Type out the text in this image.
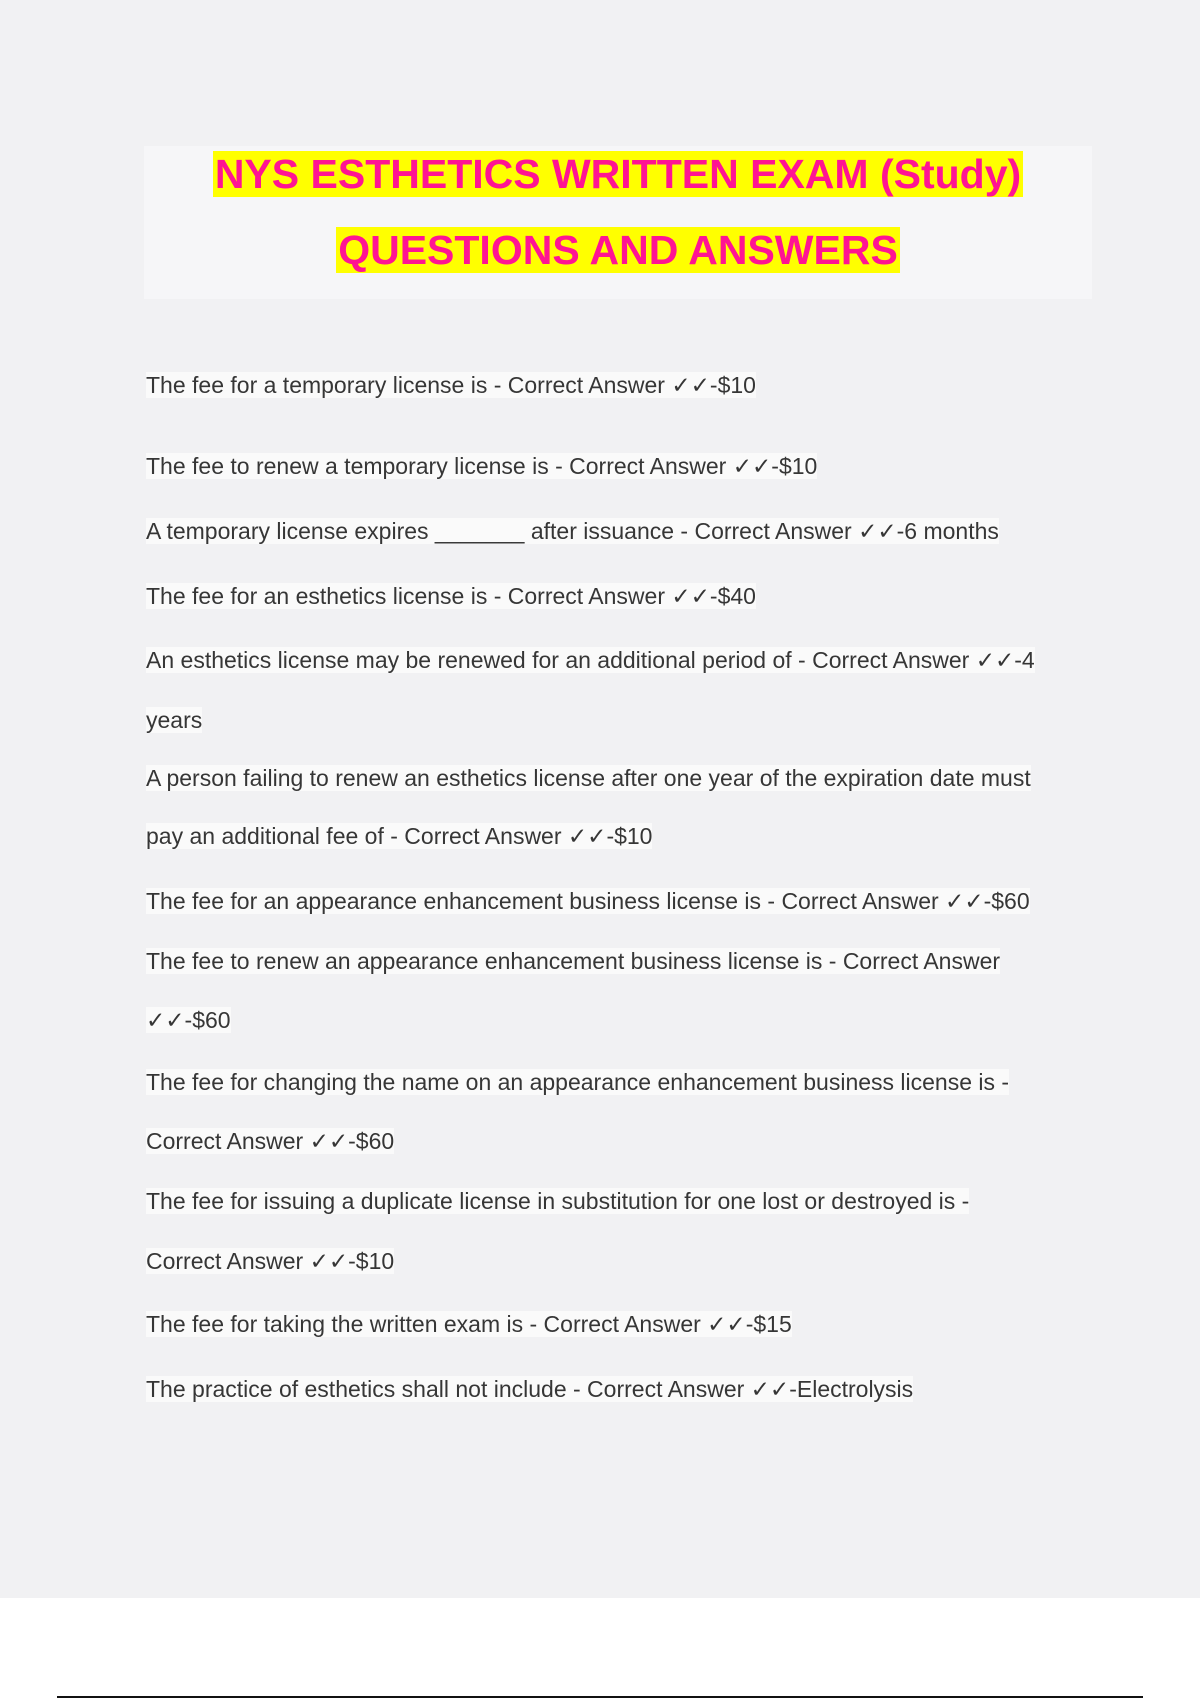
NYS ESTHETICS WRITTEN EXAM (Study)
QUESTIONS AND ANSWERS
The fee for a temporary license is - Correct Answer ✓✓-$10
The fee to renew a temporary license is - Correct Answer ✓✓-$10
A temporary license expires _______ after issuance - Correct Answer ✓✓-6 months
The fee for an esthetics license is - Correct Answer ✓✓-$40
An esthetics license may be renewed for an additional period of - Correct Answer ✓✓-4
years
A person failing to renew an esthetics license after one year of the expiration date must
pay an additional fee of - Correct Answer ✓✓-$10
The fee for an appearance enhancement business license is - Correct Answer ✓✓-$60
The fee to renew an appearance enhancement business license is - Correct Answer
✓✓-$60
The fee for changing the name on an appearance enhancement business license is -
Correct Answer ✓✓-$60
The fee for issuing a duplicate license in substitution for one lost or destroyed is -
Correct Answer ✓✓-$10
The fee for taking the written exam is - Correct Answer ✓✓-$15
The practice of esthetics shall not include - Correct Answer ✓✓-Electrolysis
